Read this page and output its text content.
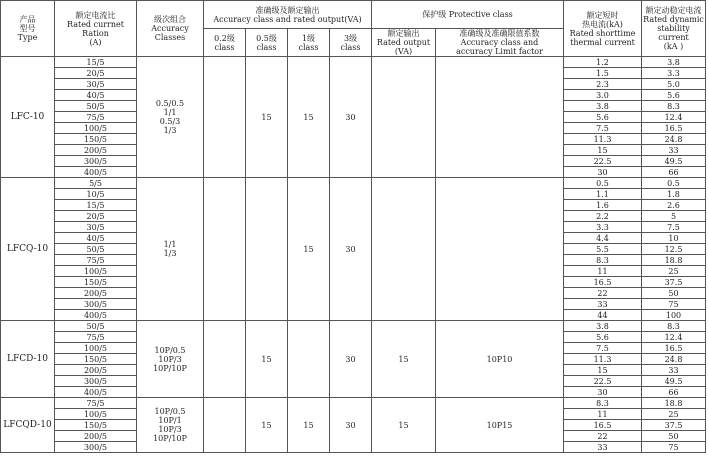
产品
型号
Type	额定电流比
Rated currnet
Ration
(A)	级次组合
Accuracy
Classes	准确级及额定输出
Accuracy class and rated output(VA)				保护级 Protective class		额定短时
热电流(kA)
Rated shorttime
thermal current	额定动稳定电流
Rated dynamic
stability current
(kA )

			0.2级
class	0.5级
class	1级
class	3级
class	额定输出
Rated output
(VA)	准确级及准确限值系数
Accuracy class and
accuracy Limit factor		

LFC-10	15/5	0.5/0.5
1/1
0.5/3
1/3		15	15	30			1.2	3.8
	20/5								1.5	3.3
	30/5								2.3	5.0
	40/5								3.0	5.6
	50/5								3.8	8.3
	75/5								5.6	12.4
	100/5								7.5	16.5
	150/5								11.3	24.8
	200/5								15	33
	300/5								22.5	49.5
	400/5								30	66
LFCQ-10	5/5	1/1
1/3			15	30			0.5	0.5
	10/5								1.1	1.8
	15/5								1.6	2.6
	20/5								2.2	5
	30/5								3.3	7.5
	40/5								4.4	10
	50/5								5.5	12.5
	75/5								8.3	18.8
	100/5								11	25
	150/5								16.5	37.5
	200/5								22	50
	300/5								33	75
	400/5								44	100
LFCD-10	50/5	10P/0.5
10P/3
10P/10P		15		30	15	10P10	3.8	8.3
	75/5								5.6	12.4
	100/5								7.5	16.5
	150/5								11.3	24.8
	200/5								15	33
	300/5								22.5	49.5
	400/5								30	66
LFCQD-10	75/5	10P/0.5
10P/1
10P/3
10P/10P		15	15	30	15	10P15	8.3	18.8
	100/5								11	25
	150/5								16.5	37.5
	200/5								22	50
	300/5								33	75
